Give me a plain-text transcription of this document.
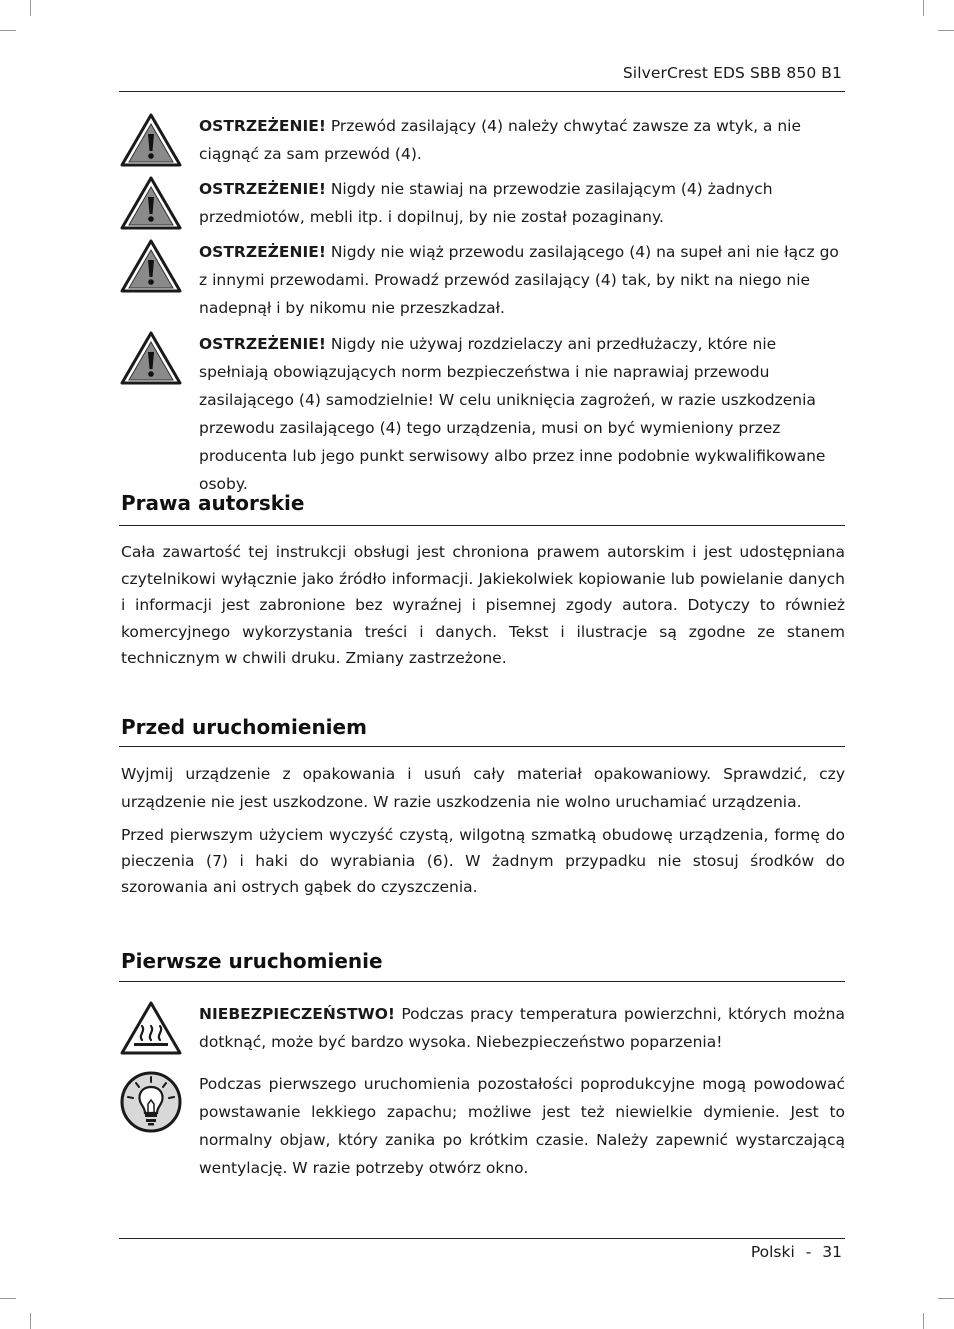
SilverCrest EDS SBB 850 B1
OSTRZEŻENIE! Przewód zasilający (4) należy chwytać zawsze za wtyk, a nie ciągnąć za sam przewód (4).
OSTRZEŻENIE! Nigdy nie stawiaj na przewodzie zasilającym (4) żadnych przedmiotów, mebli itp. i dopilnuj, by nie został pozaginany.
OSTRZEŻENIE! Nigdy nie wiąż przewodu zasilającego (4) na supeł ani nie łącz go z innymi przewodami. Prowadź przewód zasilający (4) tak, by nikt na niego nie nadepnął i by nikomu nie przeszkadzał.
OSTRZEŻENIE! Nigdy nie używaj rozdzielaczy ani przedłużaczy, które nie spełniają obowiązujących norm bezpieczeństwa i nie naprawiaj przewodu zasilającego (4) samodzielnie! W celu uniknięcia zagrożeń, w razie uszkodzenia przewodu zasilającego (4) tego urządzenia, musi on być wymieniony przez producenta lub jego punkt serwisowy albo przez inne podobnie wykwalifikowane osoby.
Prawa autorskie
Cała zawartość tej instrukcji obsługi jest chroniona prawem autorskim i jest udostępniana czytelnikowi wyłącznie jako źródło informacji. Jakiekolwiek kopiowanie lub powielanie danych i informacji jest zabronione bez wyraźnej i pisemnej zgody autora. Dotyczy to również komercyjnego wykorzystania treści i danych. Tekst i ilustracje są zgodne ze stanem technicznym w chwili druku. Zmiany zastrzeżone.
Przed uruchomieniem
Wyjmij urządzenie z opakowania i usuń cały materiał opakowaniowy. Sprawdzić, czy urządzenie nie jest uszkodzone. W razie uszkodzenia nie wolno uruchamiać urządzenia.
Przed pierwszym użyciem wyczyść czystą, wilgotną szmatką obudowę urządzenia, formę do pieczenia (7) i haki do wyrabiania (6). W żadnym przypadku nie stosuj środków do szorowania ani ostrych gąbek do czyszczenia.
Pierwsze uruchomienie
NIEBEZPIECZEŃSTWO! Podczas pracy temperatura powierzchni, których można dotknąć, może być bardzo wysoka. Niebezpieczeństwo poparzenia!
Podczas pierwszego uruchomienia pozostałości poprodukcyjne mogą powodować powstawanie lekkiego zapachu; możliwe jest też niewielkie dymienie. Jest to normalny objaw, który zanika po krótkim czasie. Należy zapewnić wystarczającą wentylację. W razie potrzeby otwórz okno.
Polski - 31
